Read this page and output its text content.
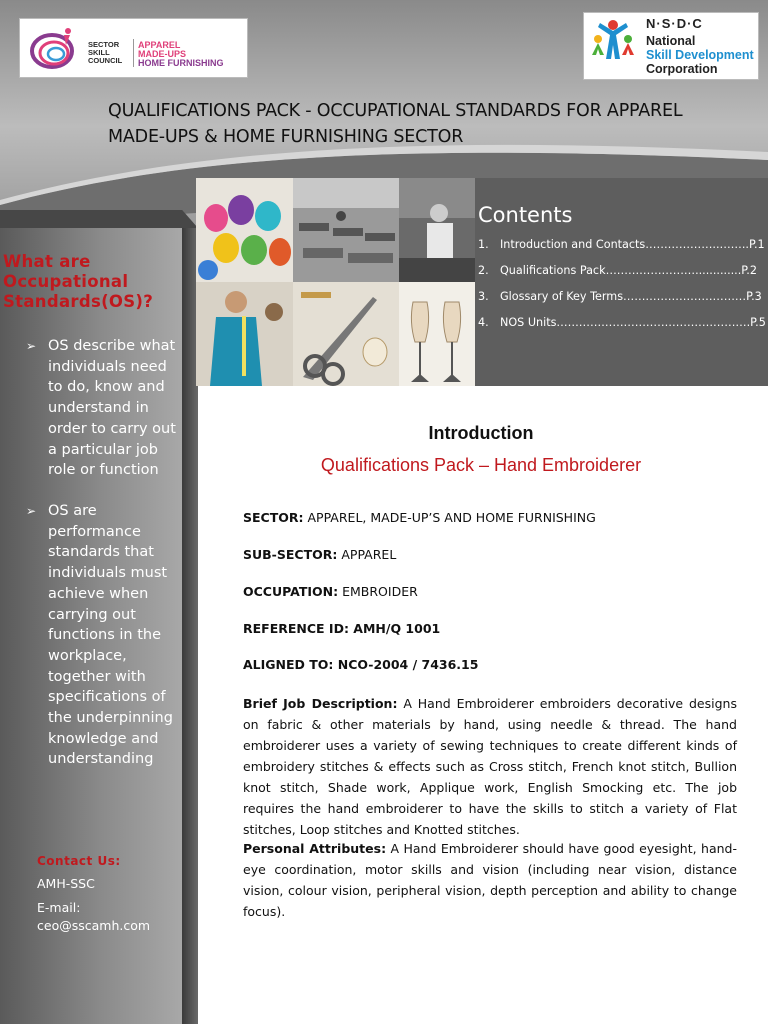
SECTOR
SKILL
COUNCIL
APPAREL
MADE-UPS
HOME FURNISHING
N·S·D·C
National
Skill Development
Corporation
QUALIFICATIONS PACK - OCCUPATIONAL STANDARDS FOR APPAREL MADE-UPS & HOME FURNISHING SECTOR
What are Occupational Standards(OS)?
➢ OS describe what individuals need to do, know and understand in order to carry out a particular job role or function
➢ OS are performance standards that individuals must achieve when carrying out functions in the workplace, together with specifications of the underpinning knowledge and understanding
Contact Us:
AMH-SSC
E-mail:
ceo@sscamh.com
Contents
1. Introduction and Contacts………………..……..P.1
2. Qualifications Pack…………………….............P.2
3. Glossary of Key Terms……………………………P.3
4. NOS Units…………………………………………….P.5
Introduction
Qualifications Pack – Hand Embroiderer
SECTOR: APPAREL, MADE-UP’S AND HOME FURNISHING
SUB-SECTOR: APPAREL
OCCUPATION: EMBROIDER
REFERENCE ID: AMH/Q 1001
ALIGNED TO: NCO-2004 / 7436.15
Brief Job Description: A Hand Embroiderer embroiders decorative designs on fabric & other materials by hand, using needle & thread. The hand embroiderer uses a variety of sewing techniques to create different kinds of embroidery stitches & effects such as Cross stitch, French knot stitch, Bullion knot stitch, Shade work, Applique work, English Smocking etc. The job requires the hand embroiderer to have the skills to stitch a variety of Flat stitches, Loop stitches and Knotted stitches.
Personal Attributes: A Hand Embroiderer should have good eyesight, hand-eye coordination, motor skills and vision (including near vision, distance vision, colour vision, peripheral vision, depth perception and ability to change focus).
